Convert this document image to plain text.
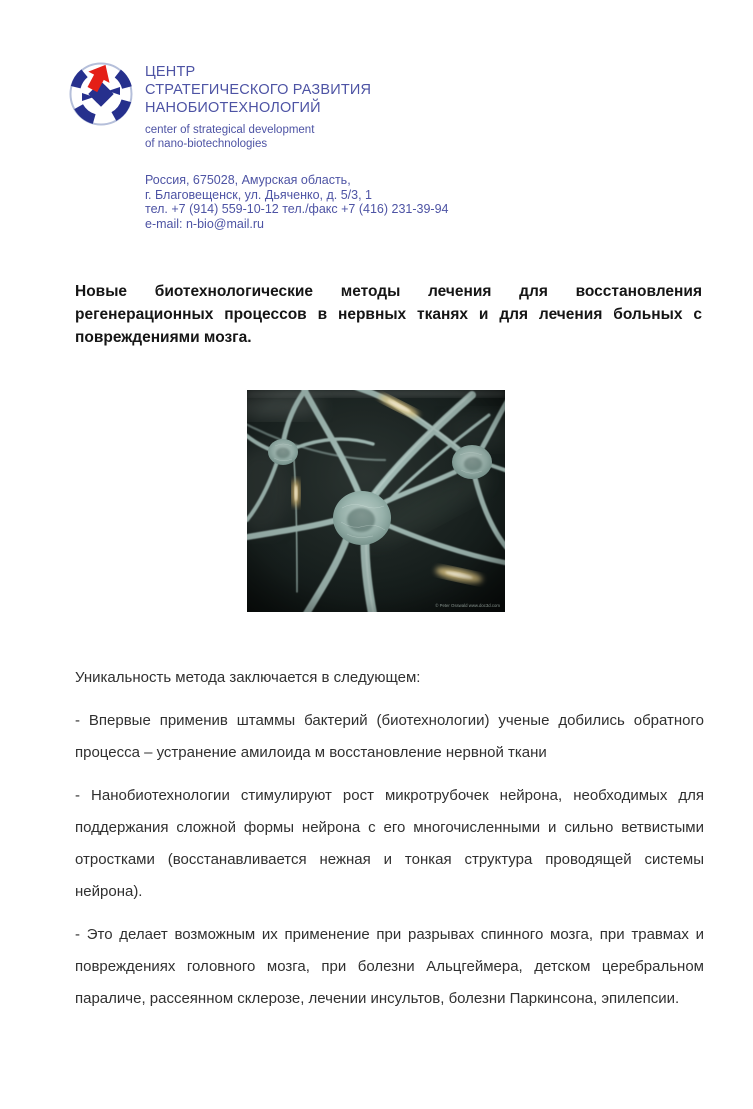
ЦЕНТР
СТРАТЕГИЧЕСКОГО РАЗВИТИЯ
НАНОБИОТЕХНОЛОГИЙ
center of strategical development
of nano-biotechnologies
Россия, 675028, Амурская область,
г. Благовещенск, ул. Дьяченко, д. 5/3, 1
тел. +7 (914) 559-10-12 тел./факс +7 (416) 231-39-94
e-mail: n-bio@mail.ru

Новые биотехнологические методы лечения для восстановления регенерационных процессов в нервных тканях и для лечения больных с повреждениями мозга.

© Peter Osswald www.doc3d.com

Уникальность метода заключается в следующем:

- Впервые применив штаммы бактерий (биотехнологии) ученые добились обратного процесса – устранение амилоида м восстановление нервной ткани

- Нанобиотехнологии стимулируют рост микротрубочек нейрона, необходимых для поддержания сложной формы нейрона с его многочисленными и сильно ветвистыми отростками (восстанавливается нежная и тонкая структура проводящей системы нейрона).

- Это делает возможным их применение при разрывах спинного мозга, при травмах и повреждениях головного мозга, при болезни Альцгеймера, детском церебральном параличе, рассеянном склерозе, лечении инсультов, болезни Паркинсона, эпилепсии.
